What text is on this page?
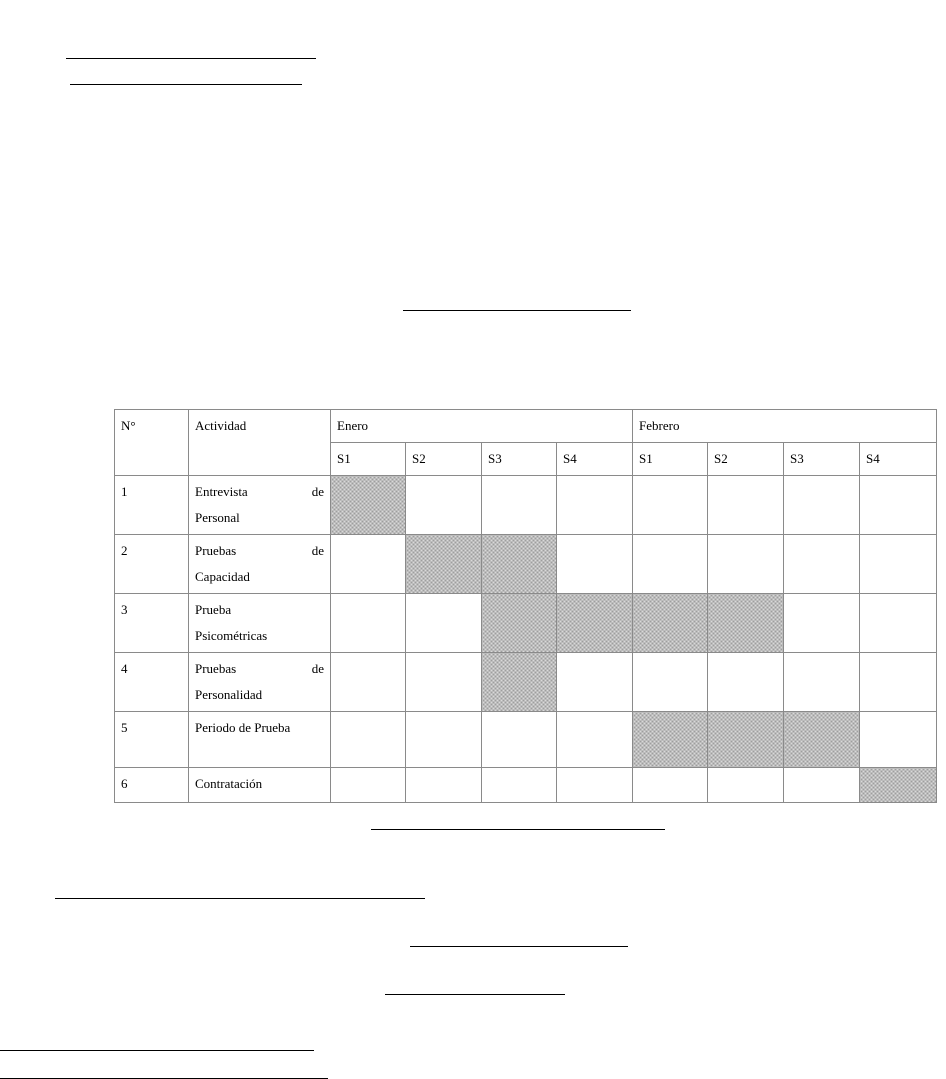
N°	Actividad	Enero				Febrero			
		S1	S2	S3	S4	S1	S2	S3	S4
1	Entrevista de
Personal								

2	Pruebas de
Capacidad								

3	Prueba
Psicométricas								

4	Pruebas de
Personalidad								

5	Periodo de Prueba								

6	Contratación								
